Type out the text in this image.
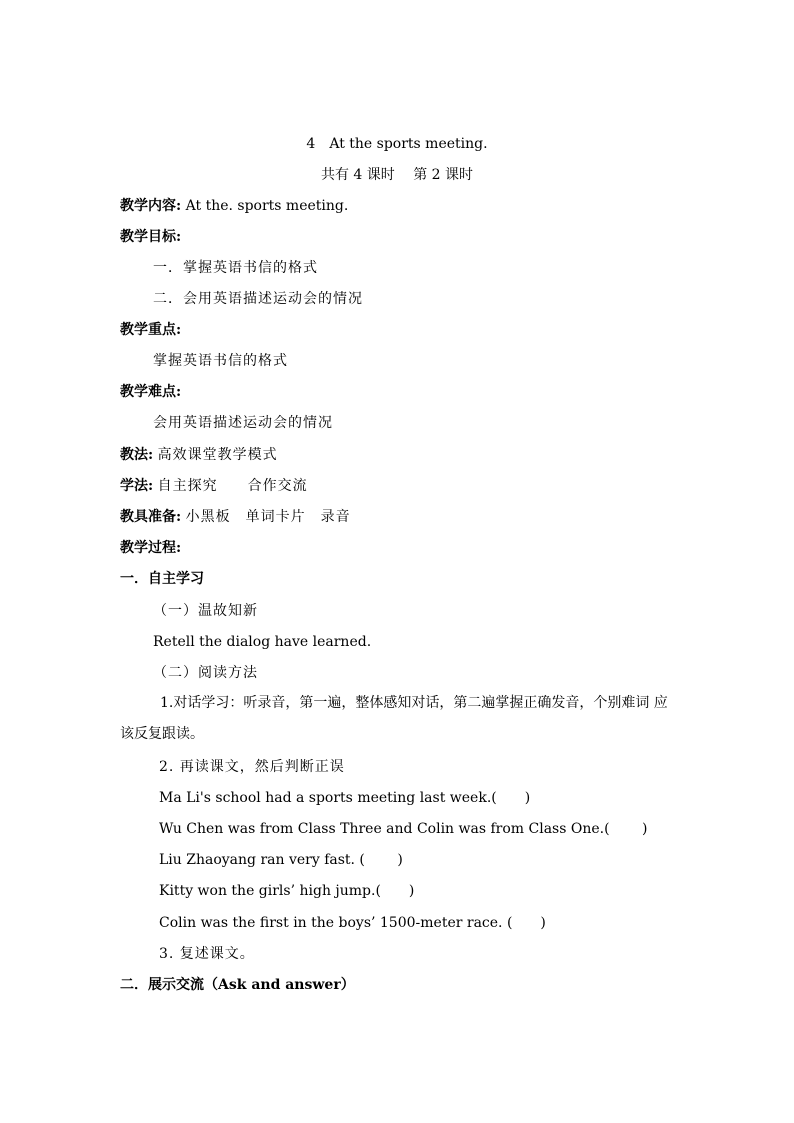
4　At the sports meeting.
共有 4 课时　 第 2 课时
教学内容: At the. sports meeting.
教学目标:
一．掌握英语书信的格式
二．会用英语描述运动会的情况
教学重点:
掌握英语书信的格式
教学难点:
会用英语描述运动会的情况
教法: 高效课堂教学模式
学法: 自主探究　　合作交流
教具准备: 小黑板　单词卡片　录音
教学过程:
一．自主学习
（一）温故知新
Retell the dialog have learned.
（二）阅读方法
1.对话学习：听录音，第一遍，整体感知对话，第二遍掌握正确发音，个别难词 应该反复跟读。
2. 再读课文，然后判断正误
Ma Li's school had a sports meeting last week.(　　)
Wu Chen was from Class Three and Colin was from Class One.(　　 )
Liu Zhaoyang ran very fast. (　　 )
Kitty won the girls’ high jump.(　　)
Colin was the first in the boys’ 1500-meter race. (　　)
3. 复述课文。
二．展示交流（Ask and answer）
